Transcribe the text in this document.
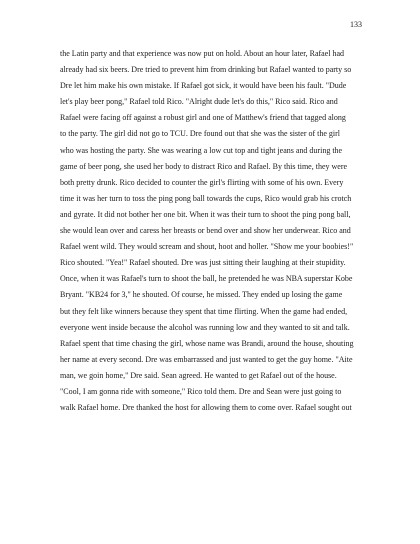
133
the Latin party and that experience was now put on hold. About an hour later, Rafael had
already had six beers. Dre tried to prevent him from drinking but Rafael wanted to party so
Dre let him make his own mistake. If Rafael got sick, it would have been his fault. "Dude
let's play beer pong," Rafael told Rico. "Alright dude let's do this," Rico said. Rico and
Rafael were facing off against a robust girl and one of Matthew's friend that tagged along
to the party. The girl did not go to TCU. Dre found out that she was the sister of the girl
who was hosting the party. She was wearing a low cut top and tight jeans and during the
game of beer pong, she used her body to distract Rico and Rafael. By this time, they were
both pretty drunk. Rico decided to counter the girl's flirting with some of his own. Every
time it was her turn to toss the ping pong ball towards the cups, Rico would grab his crotch
and gyrate. It did not bother her one bit. When it was their turn to shoot the ping pong ball,
she would lean over and caress her breasts or bend over and show her underwear. Rico and
Rafael went wild. They would scream and shout, hoot and holler. "Show me your boobies!"
Rico shouted. "Yea!" Rafael shouted. Dre was just sitting their laughing at their stupidity.
Once, when it was Rafael's turn to shoot the ball, he pretended he was NBA superstar Kobe
Bryant. "KB24 for 3," he shouted. Of course, he missed. They ended up losing the game
but they felt like winners because they spent that time flirting. When the game had ended,
everyone went inside because the alcohol was running low and they wanted to sit and talk.
Rafael spent that time chasing the girl, whose name was Brandi, around the house, shouting
her name at every second. Dre was embarrassed and just wanted to get the guy home. "Aite
man, we goin home," Dre said. Sean agreed. He wanted to get Rafael out of the house.
"Cool, I am gonna ride with someone," Rico told them. Dre and Sean were just going to
walk Rafael home. Dre thanked the host for allowing them to come over. Rafael sought out
